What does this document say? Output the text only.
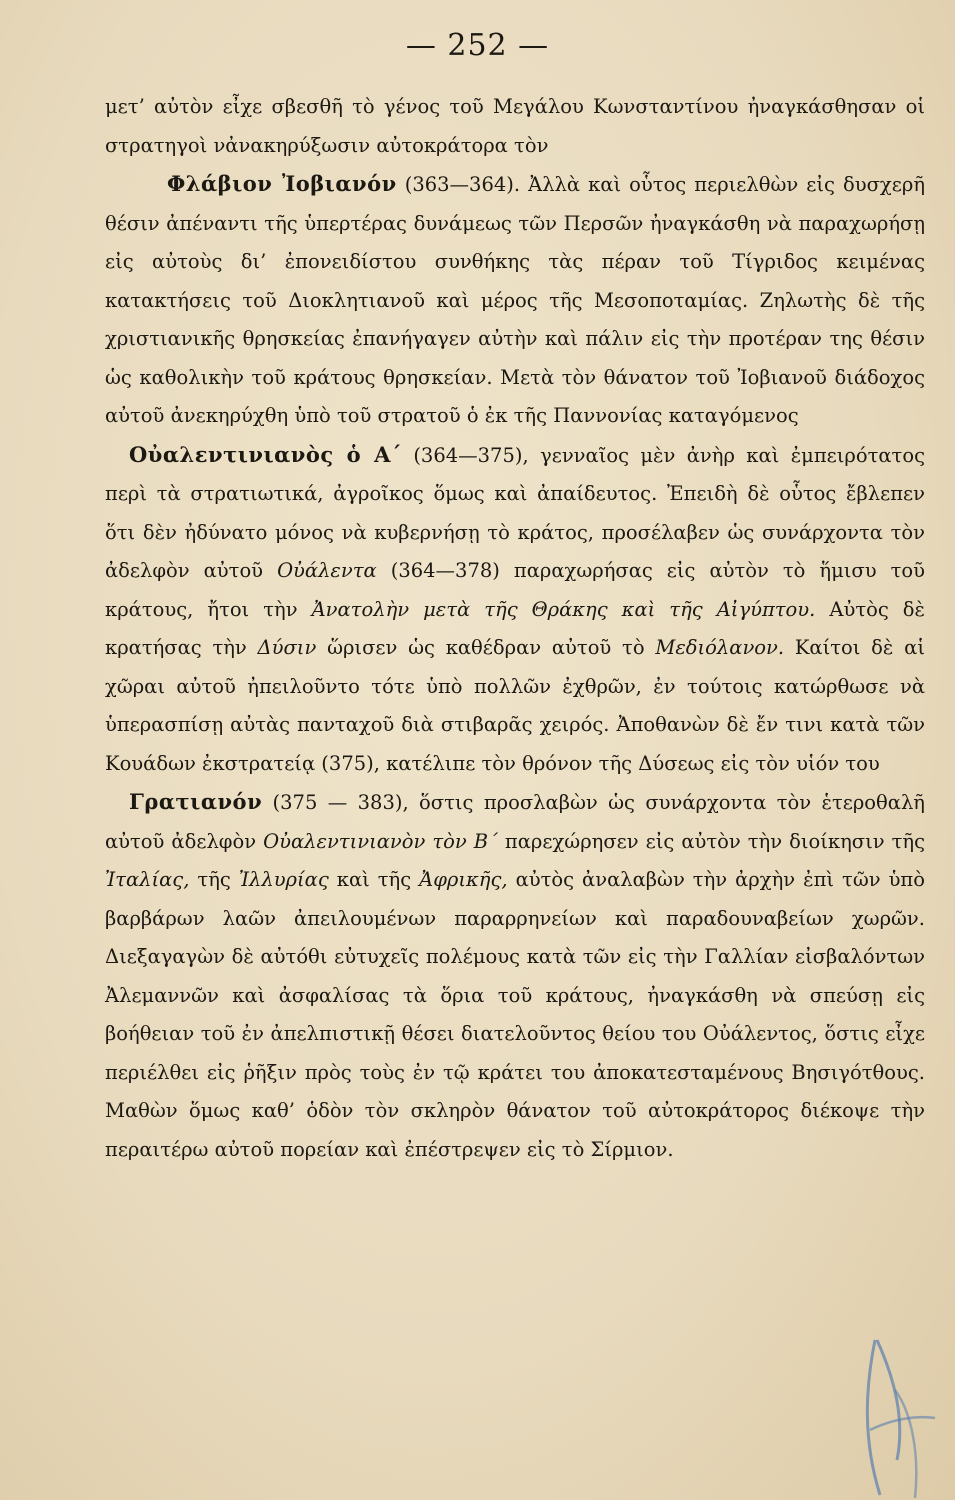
— 252 —

μετ’ αὐτὸν εἶχε σβεσθῆ τὸ γένος τοῦ Μεγάλου Κωνσταντίνου ἠναγκάσθησαν οἱ στρατηγοὶ νἀνακηρύξωσιν αὐτοκράτορα τὸν
Φλάβιον Ἰοβιανόν (363—364). Ἀλλὰ καὶ οὗτος περιελθὼν εἰς δυσχερῆ θέσιν ἀπέναντι τῆς ὑπερτέρας δυνάμεως τῶν Περσῶν ἠναγκάσθη νὰ παραχωρήσῃ εἰς αὐτοὺς δι’ ἐπονειδίστου συνθήκης τὰς πέραν τοῦ Τίγριδος κειμένας κατακτήσεις τοῦ Διοκλητιανοῦ καὶ μέρος τῆς Μεσοποταμίας. Ζηλωτὴς δὲ τῆς χριστιανικῆς θρησκείας ἐπανήγαγεν αὐτὴν καὶ πάλιν εἰς τὴν προτέραν της θέσιν ὡς καθολικὴν τοῦ κράτους θρησκείαν. Μετὰ τὸν θάνατον τοῦ Ἰοβιανοῦ διάδοχος αὐτοῦ ἀνεκηρύχθη ὑπὸ τοῦ στρατοῦ ὁ ἐκ τῆς Παννονίας καταγόμενος

Οὐαλεντινιανὸς ὁ Α΄ (364—375), γενναῖος μὲν ἀνὴρ καὶ ἐμπειρότατος περὶ τὰ στρατιωτικά, ἀγροῖκος ὅμως καὶ ἀπαίδευτος. Ἐπειδὴ δὲ οὗτος ἔβλεπεν ὅτι δὲν ἠδύνατο μόνος νὰ κυβερνήσῃ τὸ κράτος, προσέλαβεν ὡς συνάρχοντα τὸν ἀδελφὸν αὐτοῦ Οὐάλεντα (364—378) παραχωρήσας εἰς αὐτὸν τὸ ἥμισυ τοῦ κράτους, ἤτοι τὴν Ἀνατολὴν μετὰ τῆς Θράκης καὶ τῆς Αἰγύπτου. Αὐτὸς δὲ κρατήσας τὴν Δύσιν ὥρισεν ὡς καθέδραν αὐτοῦ τὸ Μεδιόλανον. Καίτοι δὲ αἱ χῶραι αὐτοῦ ἠπειλοῦντο τότε ὑπὸ πολλῶν ἐχθρῶν, ἐν τούτοις κατώρθωσε νὰ ὑπερασπίσῃ αὐτὰς πανταχοῦ διὰ στιβαρᾶς χειρός. Ἀποθανὼν δὲ ἔν τινι κατὰ τῶν Κουάδων ἐκστρατείᾳ (375), κατέλιπε τὸν θρόνον τῆς Δύσεως εἰς τὸν υἱόν του

Γρατιανόν (375 — 383), ὅστις προσλαβὼν ὡς συνάρχοντα τὸν ἑτεροθαλῆ αὐτοῦ ἀδελφὸν Οὐαλεντινιανὸν τὸν Β΄ παρεχώρησεν εἰς αὐτὸν τὴν διοίκησιν τῆς Ἰταλίας, τῆς Ἰλλυρίας καὶ τῆς Ἀφρικῆς, αὐτὸς ἀναλαβὼν τὴν ἀρχὴν ἐπὶ τῶν ὑπὸ βαρβάρων λαῶν ἀπειλουμένων παραρρηνείων καὶ παραδουναβείων χωρῶν. Διεξαγαγὼν δὲ αὐτόθι εὐτυχεῖς πολέμους κατὰ τῶν εἰς τὴν Γαλλίαν εἰσβαλόντων Ἀλεμαννῶν καὶ ἀσφαλίσας τὰ ὅρια τοῦ κράτους, ἠναγκάσθη νὰ σπεύσῃ εἰς βοήθειαν τοῦ ἐν ἀπελπιστικῇ θέσει διατελοῦντος θείου του Οὐάλεντος, ὅστις εἶχε περιέλθει εἰς ῥῆξιν πρὸς τοὺς ἐν τῷ κράτει του ἀποκατεσταμένους Βησιγότθους. Μαθὼν ὅμως καθ’ ὁδὸν τὸν σκληρὸν θάνατον τοῦ αὐτοκράτορος διέκοψε τὴν περαιτέρω αὐτοῦ πορείαν καὶ ἐπέστρεψεν εἰς τὸ Σίρμιον.
